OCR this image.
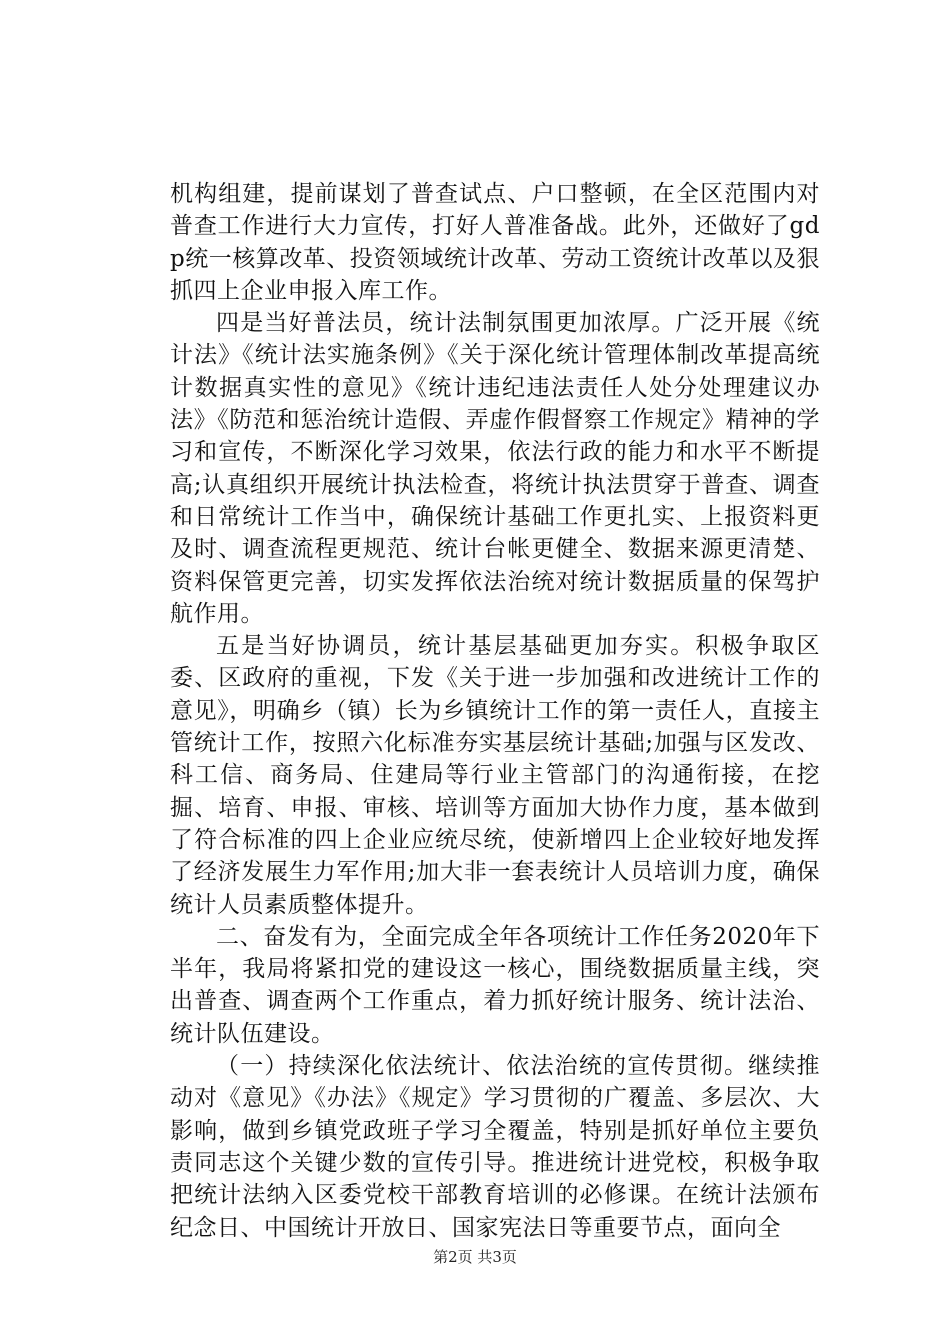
机构组建，提前谋划了普查试点、户口整顿，在全区范围内对普查工作进行大力宣传，打好人普准备战。此外，还做好了gdp统一核算改革、投资领域统计改革、劳动工资统计改革以及狠抓四上企业申报入库工作。

四是当好普法员，统计法制氛围更加浓厚。广泛开展《统计法》《统计法实施条例》《关于深化统计管理体制改革提高统计数据真实性的意见》《统计违纪违法责任人处分处理建议办法》《防范和惩治统计造假、弄虚作假督察工作规定》精神的学习和宣传，不断深化学习效果，依法行政的能力和水平不断提高;认真组织开展统计执法检查，将统计执法贯穿于普查、调查和日常统计工作当中，确保统计基础工作更扎实、上报资料更及时、调查流程更规范、统计台帐更健全、数据来源更清楚、资料保管更完善，切实发挥依法治统对统计数据质量的保驾护航作用。

五是当好协调员，统计基层基础更加夯实。积极争取区委、区政府的重视，下发《关于进一步加强和改进统计工作的意见》，明确乡（镇）长为乡镇统计工作的第一责任人，直接主管统计工作，按照六化标准夯实基层统计基础;加强与区发改、科工信、商务局、住建局等行业主管部门的沟通衔接，在挖掘、培育、申报、审核、培训等方面加大协作力度，基本做到了符合标准的四上企业应统尽统，使新增四上企业较好地发挥了经济发展生力军作用;加大非一套表统计人员培训力度，确保统计人员素质整体提升。

二、奋发有为，全面完成全年各项统计工作任务2020年下半年，我局将紧扣党的建设这一核心，围绕数据质量主线，突出普查、调查两个工作重点，着力抓好统计服务、统计法治、统计队伍建设。

（一）持续深化依法统计、依法治统的宣传贯彻。继续推动对《意见》《办法》《规定》学习贯彻的广覆盖、多层次、大影响，做到乡镇党政班子学习全覆盖，特别是抓好单位主要负责同志这个关键少数的宣传引导。推进统计进党校，积极争取把统计法纳入区委党校干部教育培训的必修课。在统计法颁布纪念日、中国统计开放日、国家宪法日等重要节点，面向全

第2页 共3页
